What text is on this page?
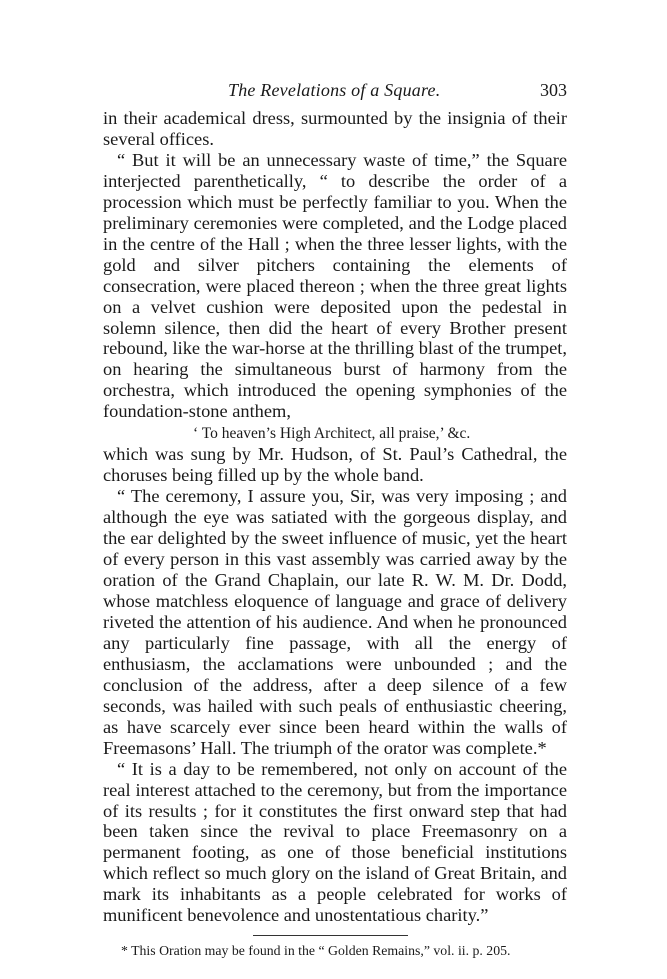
The Revelations of a Square.	303

in their academical dress, surmounted by the insignia of their several offices.

“ But it will be an unnecessary waste of time,” the Square interjected parenthetically, “ to describe the order of a procession which must be perfectly familiar to you. When the preliminary ceremonies were completed, and the Lodge placed in the centre of the Hall ; when the three lesser lights, with the gold and silver pitchers containing the elements of consecration, were placed thereon ; when the three great lights on a velvet cushion were deposited upon the pedestal in solemn silence, then did the heart of every Brother present rebound, like the war-horse at the thrilling blast of the trumpet, on hearing the simultaneous burst of harmony from the orchestra, which introduced the opening symphonies of the foundation-stone anthem,

‘ To heaven’s High Architect, all praise,’ &c.

which was sung by Mr. Hudson, of St. Paul’s Cathedral, the choruses being filled up by the whole band.

“ The ceremony, I assure you, Sir, was very imposing ; and although the eye was satiated with the gorgeous display, and the ear delighted by the sweet influence of music, yet the heart of every person in this vast assembly was carried away by the oration of the Grand Chaplain, our late R. W. M. Dr. Dodd, whose matchless eloquence of language and grace of delivery riveted the attention of his audience. And when he pronounced any particularly fine passage, with all the energy of enthusiasm, the acclamations were unbounded ; and the conclusion of the address, after a deep silence of a few seconds, was hailed with such peals of enthusiastic cheering, as have scarcely ever since been heard within the walls of Freemasons’ Hall. The triumph of the orator was complete.*

“ It is a day to be remembered, not only on account of the real interest attached to the ceremony, but from the importance of its results ; for it constitutes the first onward step that had been taken since the revival to place Freemasonry on a permanent footing, as one of those beneficial institutions which reflect so much glory on the island of Great Britain, and mark its inhabitants as a people celebrated for works of munificent benevolence and unostentatious charity.”

* This Oration may be found in the “ Golden Remains,” vol. ii. p. 205.
